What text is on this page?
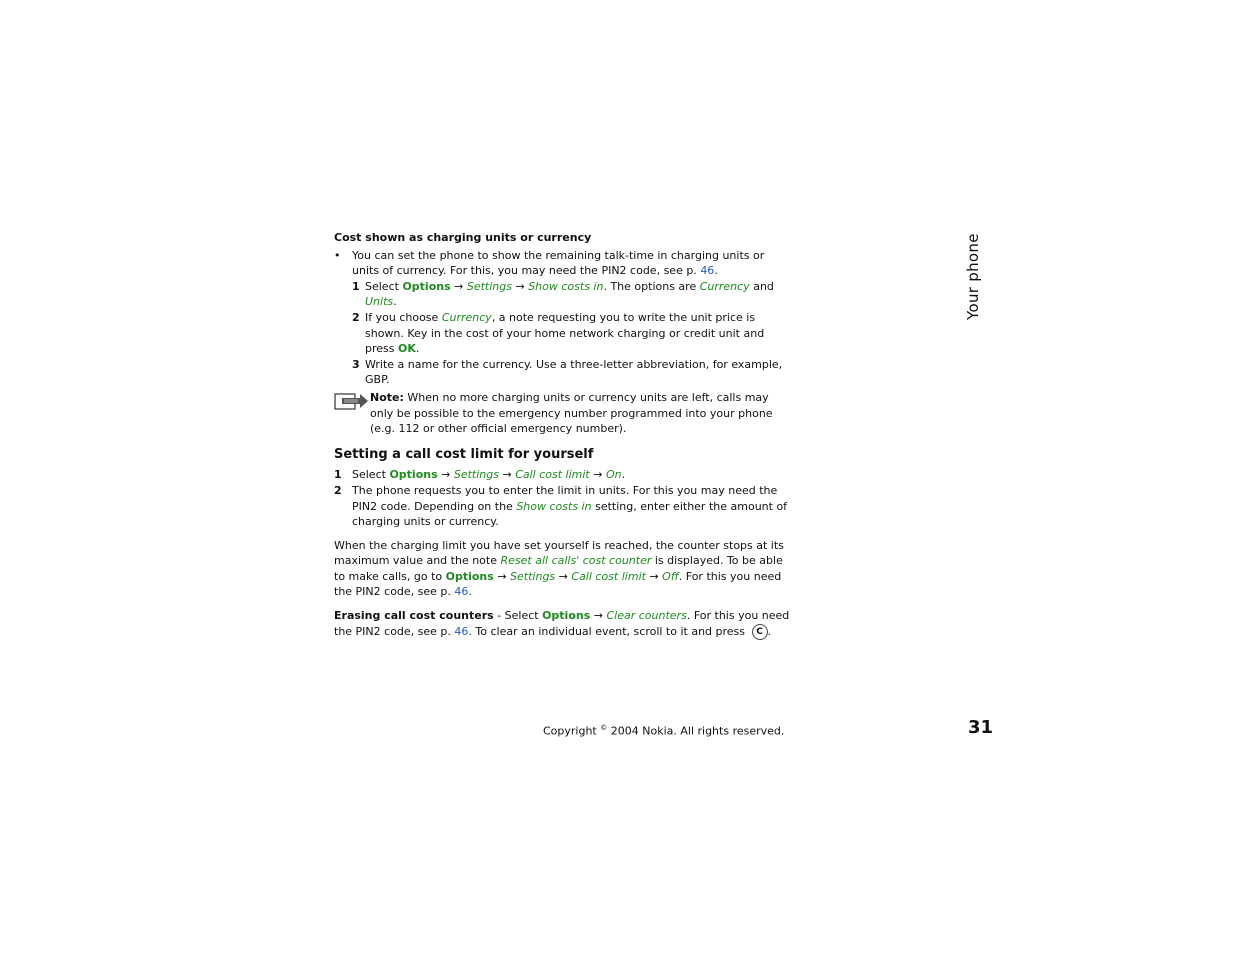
Cost shown as charging units or currency
• You can set the phone to show the remaining talk-time in charging units or units of currency. For this, you may need the PIN2 code, see p. 46.
1 Select Options → Settings → Show costs in. The options are Currency and Units.
2 If you choose Currency, a note requesting you to write the unit price is shown. Key in the cost of your home network charging or credit unit and press OK.
3 Write a name for the currency. Use a three-letter abbreviation, for example, GBP.
Note: When no more charging units or currency units are left, calls may only be possible to the emergency number programmed into your phone (e.g. 112 or other official emergency number).
Setting a call cost limit for yourself
1 Select Options → Settings → Call cost limit → On.
2 The phone requests you to enter the limit in units. For this you may need the PIN2 code. Depending on the Show costs in setting, enter either the amount of charging units or currency.
When the charging limit you have set yourself is reached, the counter stops at its maximum value and the note Reset all calls' cost counter is displayed. To be able to make calls, go to Options → Settings → Call cost limit → Off. For this you need the PIN2 code, see p. 46.
Erasing call cost counters - Select Options → Clear counters. For this you need the PIN2 code, see p. 46. To clear an individual event, scroll to it and press C .
Your phone
Copyright © 2004 Nokia. All rights reserved.	31
